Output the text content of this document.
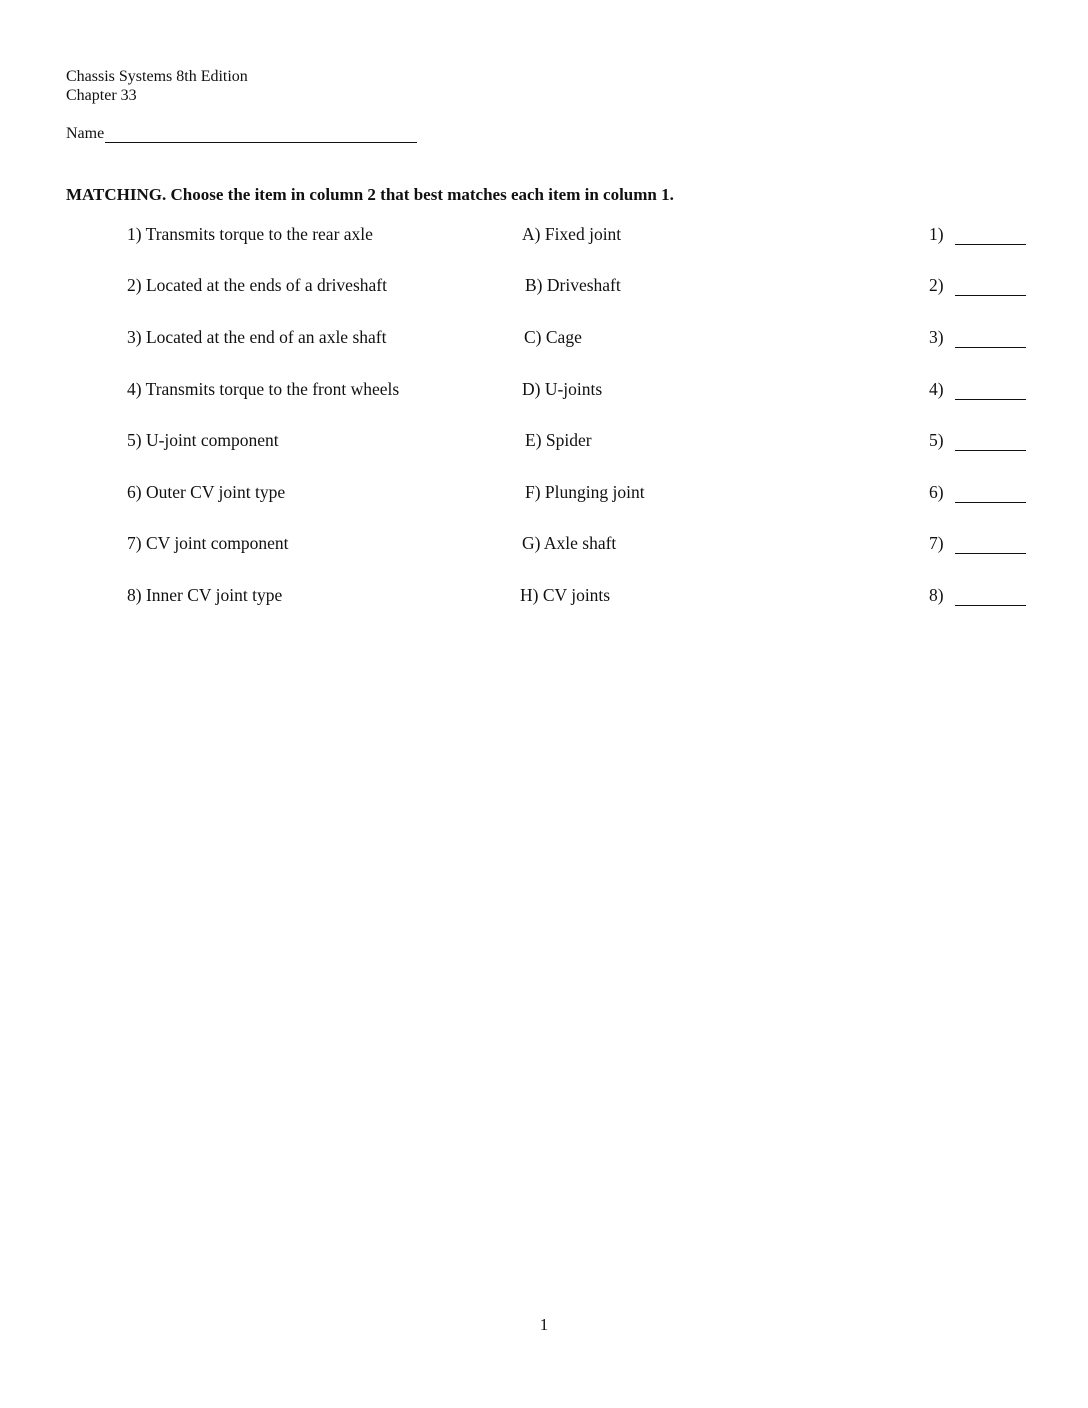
Chassis Systems 8th Edition
Chapter 33
Name
MATCHING. Choose the item in column 2 that best matches each item in column 1.
1) Transmits torque to the rear axle	A) Fixed joint	1)
2) Located at the ends of a driveshaft	B) Driveshaft	2)
3) Located at the end of an axle shaft	C) Cage	3)
4) Transmits torque to the front wheels	D) U-joints	4)
5) U-joint component	E) Spider	5)
6) Outer CV joint type	F) Plunging joint	6)
7) CV joint component	G) Axle shaft	7)
8) Inner CV joint type	H) CV joints	8)
1
